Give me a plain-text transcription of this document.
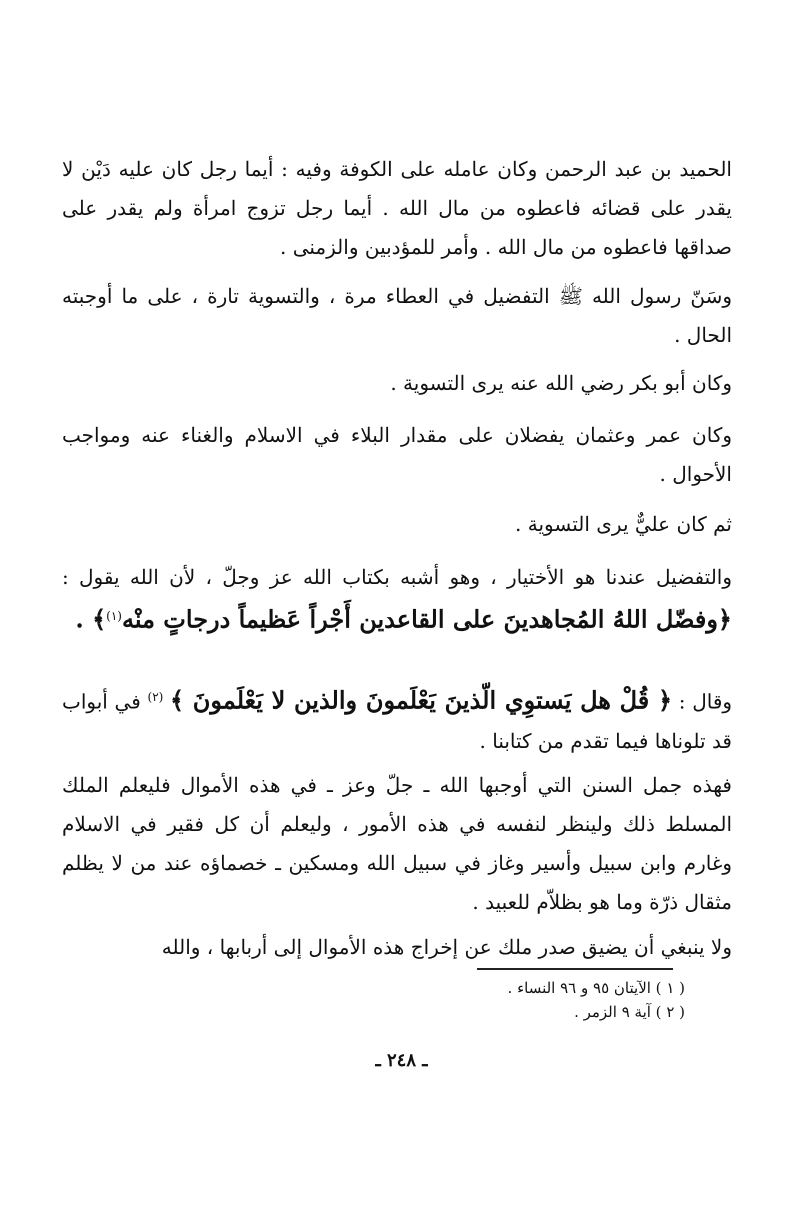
الحميد بن عبد الرحمن وكان عامله على الكوفة وفيه : أيما رجل كان عليه دَيْن لا يقدر على قضائه فاعطوه من مال الله . أيما رجل تزوج امرأة ولم يقدر على صداقها فاعطوه من مال الله . وأمر للمؤدبين والزمنى .

وسَنّ رسول الله ﷺ التفضيل في العطاء مرة ، والتسوية تارة ، على ما أوجبته الحال .

وكان أبو بكر رضي الله عنه يرى التسوية .

وكان عمر وعثمان يفضلان على مقدار البلاء في الاسلام والغناء عنه ومواجب الأحوال .

ثم كان عليٌّ يرى التسوية .

والتفضيل عندنا هو الأختيار ، وهو أشبه بكتاب الله عز وجلّ ، لأن الله يقول : ﴿وفضّل اللهُ المُجاهدينَ على القاعدين أَجْراً عَظيماً درجاتٍ منْه$^{(١)}$﴾ .

وقال : ﴿ قُلْ هل يَستوِي الّذينَ يَعْلَمونَ والذين لا يَعْلَمونَ ﴾ $^{(٢)}$ في أبواب قد تلوناها فيما تقدم من كتابنا .

فهذه جمل السنن التي أوجبها الله ـ جلّ وعز ـ في هذه الأموال فليعلم الملك المسلط ذلك ولينظر لنفسه في هذه الأمور ، وليعلم أن كل فقير في الاسلام وغارم وابن سبيل وأسير وغاز في سبيل الله ومسكين ـ خصماؤه عند من لا يظلم مثقال ذرّة وما هو بظلاّم للعبيد .

ولا ينبغي أن يضيق صدر ملك عن إخراج هذه الأموال إلى أربابها ، والله

( ١ ) الآيتان ٩٥ و ٩٦ النساء .

( ٢ ) آية ٩ الزمر .

ـ ٢٤٨ ـ
